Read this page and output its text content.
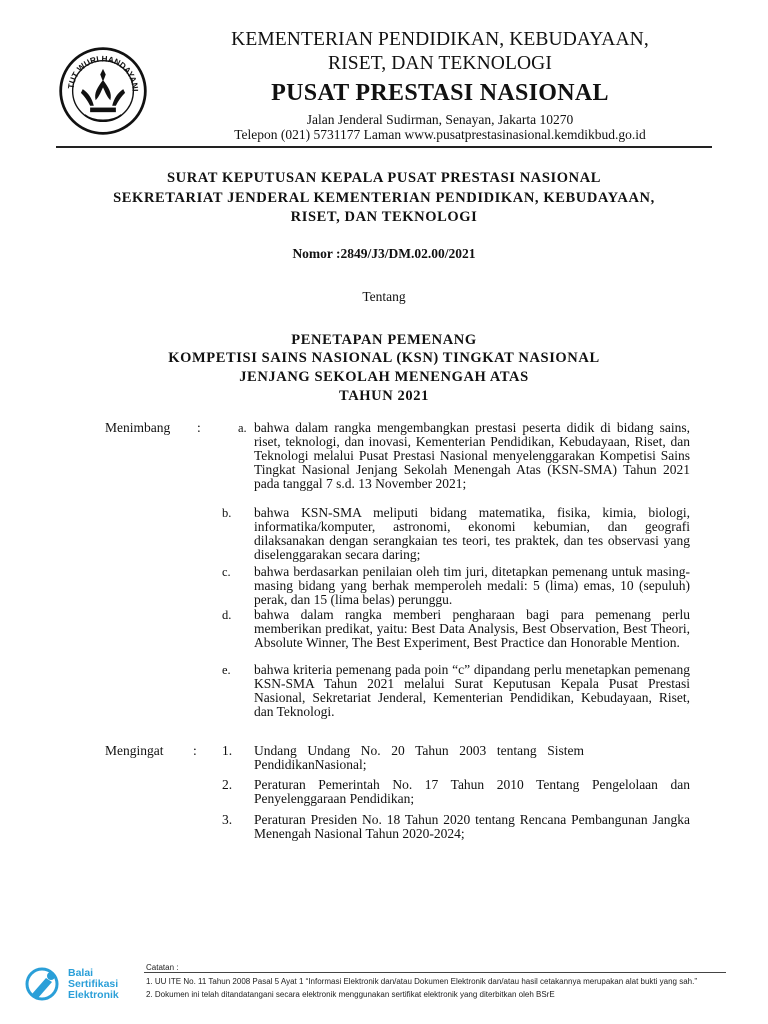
TUT WURI HANDAYANI
KEMENTERIAN PENDIDIKAN, KEBUDAYAAN,
RISET, DAN TEKNOLOGI
PUSAT PRESTASI NASIONAL
Jalan Jenderal Sudirman, Senayan, Jakarta 10270
Telepon (021) 5731177 Laman www.pusatprestasinasional.kemdikbud.go.id
SURAT KEPUTUSAN KEPALA PUSAT PRESTASI NASIONAL
SEKRETARIAT JENDERAL KEMENTERIAN PENDIDIKAN, KEBUDAYAAN,
RISET, DAN TEKNOLOGI
Nomor :2849/J3/DM.02.00/2021
Tentang
PENETAPAN PEMENANG
KOMPETISI SAINS NASIONAL (KSN) TINGKAT NASIONAL
JENJANG SEKOLAH MENENGAH ATAS
TAHUN 2021
Menimbang :	a. bahwa dalam rangka mengembangkan prestasi peserta didik di bidang sains, riset, teknologi, dan inovasi, Kementerian Pendidikan, Kebudayaan, Riset, dan Teknologi melalui Pusat Prestasi Nasional menyelenggarakan Kompetisi Sains Tingkat Nasional Jenjang Sekolah Menengah Atas (KSN-SMA) Tahun 2021 pada tanggal 7 s.d. 13 November 2021;
b. bahwa KSN-SMA meliputi bidang matematika, fisika, kimia, biologi, informatika/komputer, astronomi, ekonomi kebumian, dan geografi dilaksanakan dengan serangkaian tes teori, tes praktek, dan tes observasi yang diselenggarakan secara daring;
c. bahwa berdasarkan penilaian oleh tim juri, ditetapkan pemenang untuk masing-masing bidang yang berhak memperoleh medali: 5 (lima) emas, 10 (sepuluh) perak, dan 15 (lima belas) perunggu.
d. bahwa dalam rangka memberi pengharaan bagi para pemenang perlu memberikan predikat, yaitu: Best Data Analysis, Best Observation, Best Theori, Absolute Winner, The Best Experiment, Best Practice dan Honorable Mention.
e. bahwa kriteria pemenang pada poin “c” dipandang perlu menetapkan pemenang KSN-SMA Tahun 2021 melalui Surat Keputusan Kepala Pusat Prestasi Nasional, Sekretariat Jenderal, Kementerian Pendidikan, Kebudayaan, Riset, dan Teknologi.
Mengingat : 1. Undang Undang No. 20 Tahun 2003 tentang Sistem PendidikanNasional;
2. Peraturan Pemerintah No. 17 Tahun 2010 Tentang Pengelolaan dan Penyelenggaraan Pendidikan;
3. Peraturan Presiden No. 18 Tahun 2020 tentang Rencana Pembangunan Jangka Menengah Nasional Tahun 2020-2024;
Balai
Sertifikasi
Elektronik
Catatan :
1. UU ITE No. 11 Tahun 2008 Pasal 5 Ayat 1 “Informasi Elektronik dan/atau Dokumen Elektronik dan/atau hasil cetakannya merupakan alat bukti yang sah.”
2. Dokumen ini telah ditandatangani secara elektronik menggunakan sertifikat elektronik yang diterbitkan oleh BSrE
